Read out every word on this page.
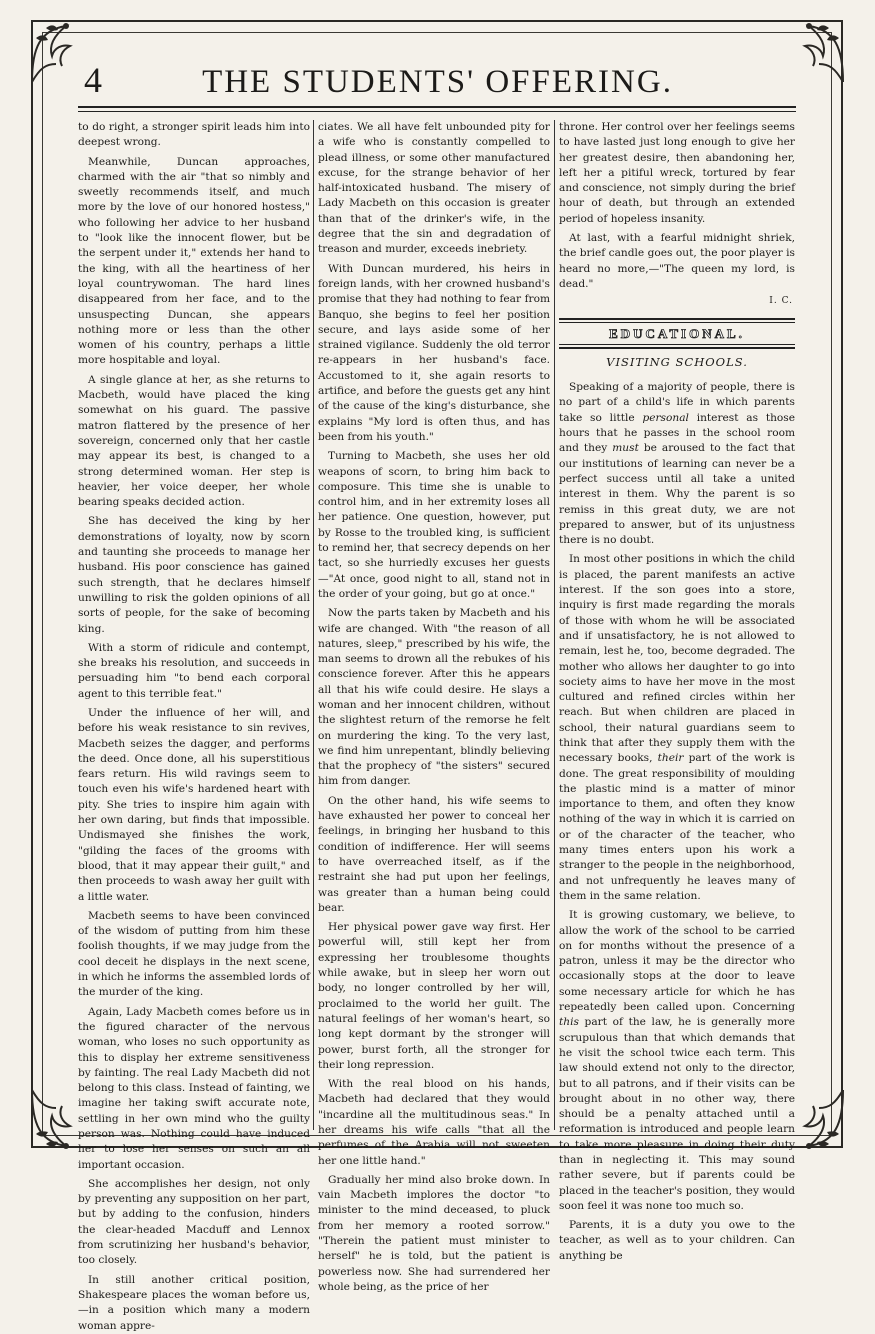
4	THE STUDENTS' OFFERING.

to do right, a stronger spirit leads him into deepest wrong.

Meanwhile, Duncan approaches, charmed with the air "that so nimbly and sweetly recommends itself, and much more by the love of our honored hostess," who following her advice to her husband to "look like the innocent flower, but be the serpent under it," extends her hand to the king, with all the heartiness of her loyal countrywoman. The hard lines disappeared from her face, and to the unsuspecting Duncan, she appears nothing more or less than the other women of his country, perhaps a little more hospitable and loyal.

A single glance at her, as she returns to Macbeth, would have placed the king somewhat on his guard. The passive matron flattered by the presence of her sovereign, concerned only that her castle may appear its best, is changed to a strong determined woman. Her step is heavier, her voice deeper, her whole bearing speaks decided action.

She has deceived the king by her demonstrations of loyalty, now by scorn and taunting she proceeds to manage her husband. His poor conscience has gained such strength, that he declares himself unwilling to risk the golden opinions of all sorts of people, for the sake of becoming king.

With a storm of ridicule and contempt, she breaks his resolution, and succeeds in persuading him "to bend each corporal agent to this terrible feat."

Under the influence of her will, and before his weak resistance to sin revives, Macbeth seizes the dagger, and performs the deed. Once done, all his superstitious fears return. His wild ravings seem to touch even his wife's hardened heart with pity. She tries to inspire him again with her own daring, but finds that impossible. Undismayed she finishes the work, "gilding the faces of the grooms with blood, that it may appear their guilt," and then proceeds to wash away her guilt with a little water.

Macbeth seems to have been convinced of the wisdom of putting from him these foolish thoughts, if we may judge from the cool deceit he displays in the next scene, in which he informs the assembled lords of the murder of the king.

Again, Lady Macbeth comes before us in the figured character of the nervous woman, who loses no such opportunity as this to display her extreme sensitiveness by fainting. The real Lady Macbeth did not belong to this class. Instead of fainting, we imagine her taking swift accurate note, settling in her own mind who the guilty person was. Nothing could have induced her to lose her senses on such an all important occasion.

She accomplishes her design, not only by preventing any supposition on her part, but by adding to the confusion, hinders the clear-headed Macduff and Lennox from scrutinizing her husband's behavior, too closely.

In still another critical position, Shakespeare places the woman before us,—in a position which many a modern woman appre-

ciates. We all have felt unbounded pity for a wife who is constantly compelled to plead illness, or some other manufactured excuse, for the strange behavior of her half-intoxicated husband. The misery of Lady Macbeth on this occasion is greater than that of the drinker's wife, in the degree that the sin and degradation of treason and murder, exceeds inebriety.

With Duncan murdered, his heirs in foreign lands, with her crowned husband's promise that they had nothing to fear from Banquo, she begins to feel her position secure, and lays aside some of her strained vigilance. Suddenly the old terror re-appears in her husband's face. Accustomed to it, she again resorts to artifice, and before the guests get any hint of the cause of the king's disturbance, she explains "My lord is often thus, and has been from his youth."

Turning to Macbeth, she uses her old weapons of scorn, to bring him back to composure. This time she is unable to control him, and in her extremity loses all her patience. One question, however, put by Rosse to the troubled king, is sufficient to remind her, that secrecy depends on her tact, so she hurriedly excuses her guests—"At once, good night to all, stand not in the order of your going, but go at once."

Now the parts taken by Macbeth and his wife are changed. With "the reason of all natures, sleep," prescribed by his wife, the man seems to drown all the rebukes of his conscience forever. After this he appears all that his wife could desire. He slays a woman and her innocent children, without the slightest return of the remorse he felt on murdering the king. To the very last, we find him unrepentant, blindly believing that the prophecy of "the sisters" secured him from danger.

On the other hand, his wife seems to have exhausted her power to conceal her feelings, in bringing her husband to this condition of indifference. Her will seems to have overreached itself, as if the restraint she had put upon her feelings, was greater than a human being could bear.

Her physical power gave way first. Her powerful will, still kept her from expressing her troublesome thoughts while awake, but in sleep her worn out body, no longer controlled by her will, proclaimed to the world her guilt. The natural feelings of her woman's heart, so long kept dormant by the stronger will power, burst forth, all the stronger for their long repression.

With the real blood on his hands, Macbeth had declared that they would "incardine all the multitudinous seas." In her dreams his wife calls "that all the perfumes of the Arabia will not sweeten her one little hand."

Gradually her mind also broke down. In vain Macbeth implores the doctor "to minister to the mind deceased, to pluck from her memory a rooted sorrow." "Therein the patient must minister to herself" he is told, but the patient is powerless now. She had surrendered her whole being, as the price of her

throne. Her control over her feelings seems to have lasted just long enough to give her her greatest desire, then abandoning her, left her a pitiful wreck, tortured by fear and conscience, not simply during the brief hour of death, but through an extended period of hopeless insanity.

At last, with a fearful midnight shriek, the brief candle goes out, the poor player is heard no more,—"The queen my lord, is dead."

I. C.
EDUCATIONAL.
VISITING SCHOOLS.

Speaking of a majority of people, there is no part of a child's life in which parents take so little personal interest as those hours that he passes in the school room and they must be aroused to the fact that our institutions of learning can never be a perfect success until all take a united interest in them. Why the parent is so remiss in this great duty, we are not prepared to answer, but of its unjustness there is no doubt.

In most other positions in which the child is placed, the parent manifests an active interest. If the son goes into a store, inquiry is first made regarding the morals of those with whom he will be associated and if unsatisfactory, he is not allowed to remain, lest he, too, become degraded. The mother who allows her daughter to go into society aims to have her move in the most cultured and refined circles within her reach. But when children are placed in school, their natural guardians seem to think that after they supply them with the necessary books, their part of the work is done. The great responsibility of moulding the plastic mind is a matter of minor importance to them, and often they know nothing of the way in which it is carried on or of the character of the teacher, who many times enters upon his work a stranger to the people in the neighborhood, and not unfrequently he leaves many of them in the same relation.

It is growing customary, we believe, to allow the work of the school to be carried on for months without the presence of a patron, unless it may be the director who occasionally stops at the door to leave some necessary article for which he has repeatedly been called upon. Concerning this part of the law, he is generally more scrupulous than that which demands that he visit the school twice each term. This law should extend not only to the director, but to all patrons, and if their visits can be brought about in no other way, there should be a penalty attached until a reformation is introduced and people learn to take more pleasure in doing their duty than in neglecting it. This may sound rather severe, but if parents could be placed in the teacher's position, they would soon feel it was none too much so.

Parents, it is a duty you owe to the teacher, as well as to your children. Can anything be
